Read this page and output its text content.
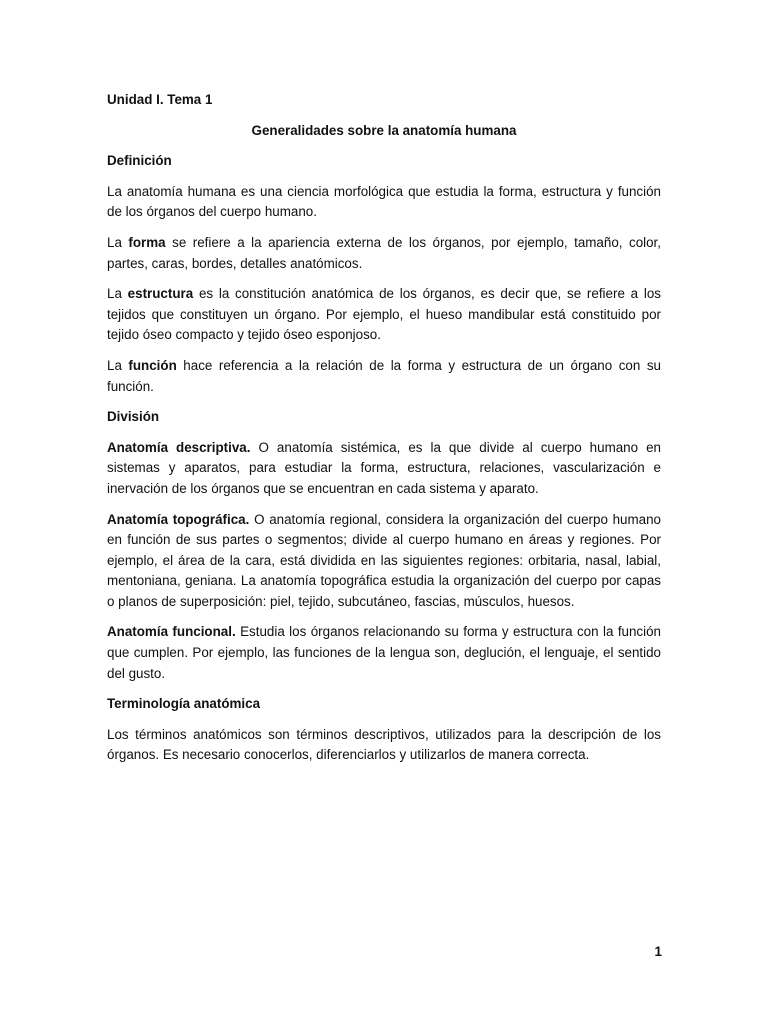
Unidad I. Tema 1
Generalidades sobre la anatomía humana
Definición
La anatomía humana es una ciencia morfológica que estudia la forma, estructura y función de los órganos del cuerpo humano.
La forma se refiere a la apariencia externa de los órganos, por ejemplo, tamaño, color, partes, caras, bordes, detalles anatómicos.
La estructura es la constitución anatómica de los órganos, es decir que, se refiere a los tejidos que constituyen un órgano. Por ejemplo, el hueso mandibular está constituido por tejido óseo compacto y tejido óseo esponjoso.
La función hace referencia a la relación de la forma y estructura de un órgano con su función.
División
Anatomía descriptiva. O anatomía sistémica, es la que divide al cuerpo humano en sistemas y aparatos, para estudiar la forma, estructura, relaciones, vascularización e inervación de los órganos que se encuentran en cada sistema y aparato.
Anatomía topográfica. O anatomía regional, considera la organización del cuerpo humano en función de sus partes o segmentos; divide al cuerpo humano en áreas y regiones. Por ejemplo, el área de la cara, está dividida en las siguientes regiones: orbitaria, nasal, labial, mentoniana, geniana. La anatomía topográfica estudia la organización del cuerpo por capas o planos de superposición: piel, tejido, subcutáneo, fascias, músculos, huesos.
Anatomía funcional. Estudia los órganos relacionando su forma y estructura con la función que cumplen. Por ejemplo, las funciones de la lengua son, deglución, el lenguaje, el sentido del gusto.
Terminología anatómica
Los términos anatómicos son términos descriptivos, utilizados para la descripción de los órganos. Es necesario conocerlos, diferenciarlos y utilizarlos de manera correcta.
1
